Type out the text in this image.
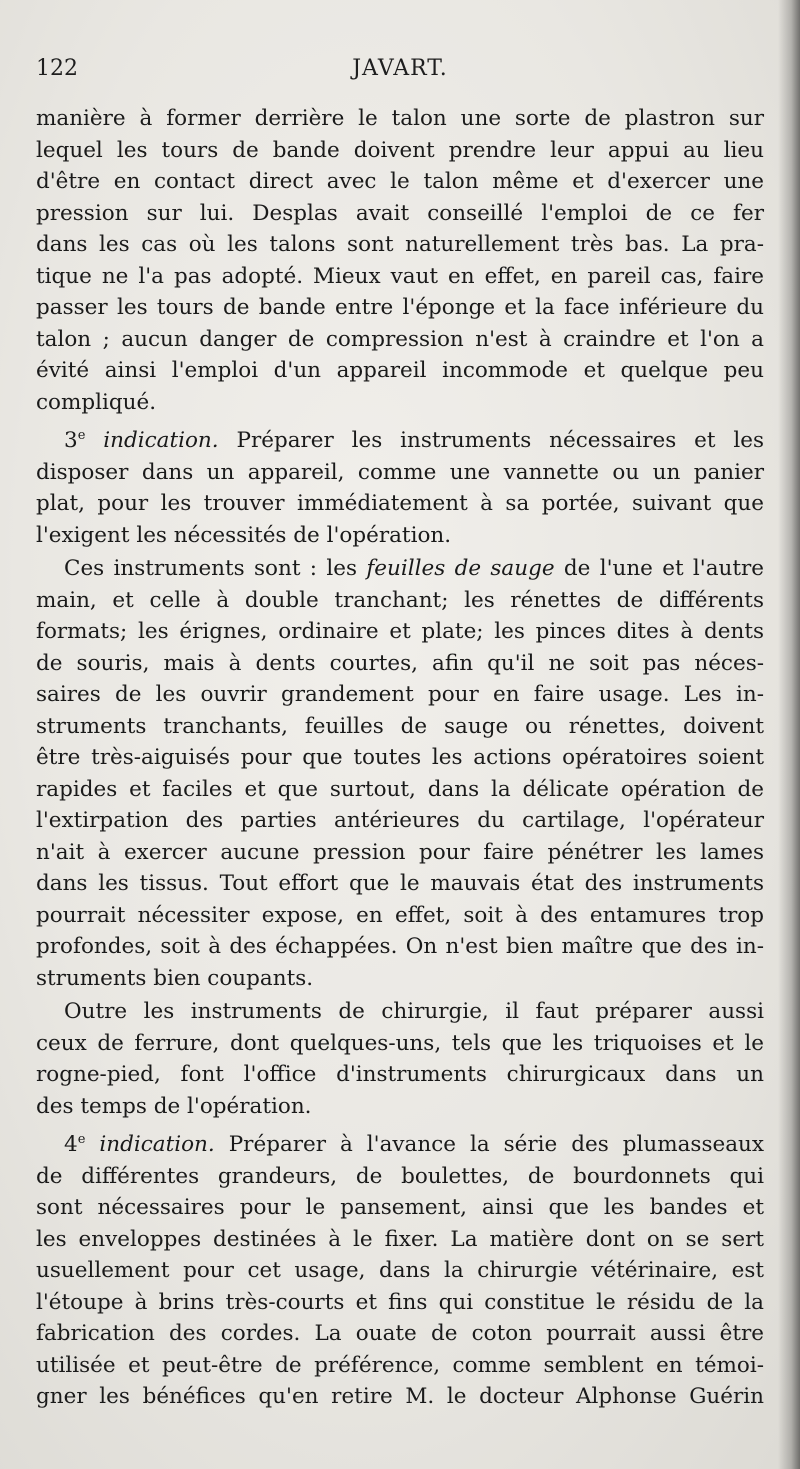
122	JAVART.
manière à former derrière le talon une sorte de plastron sur
lequel les tours de bande doivent prendre leur appui au lieu
d'être en contact direct avec le talon même et d'exercer une
pression sur lui. Desplas avait conseillé l'emploi de ce fer
dans les cas où les talons sont naturellement très bas. La pra-
tique ne l'a pas adopté. Mieux vaut en effet, en pareil cas, faire
passer les tours de bande entre l'éponge et la face inférieure du
talon ; aucun danger de compression n'est à craindre et l'on a
évité ainsi l'emploi d'un appareil incommode et quelque peu
compliqué.
3e indication. Préparer les instruments nécessaires et les
disposer dans un appareil, comme une vannette ou un panier
plat, pour les trouver immédiatement à sa portée, suivant que
l'exigent les nécessités de l'opération.
Ces instruments sont : les feuilles de sauge de l'une et l'autre
main, et celle à double tranchant; les rénettes de différents
formats; les érignes, ordinaire et plate; les pinces dites à dents
de souris, mais à dents courtes, afin qu'il ne soit pas néces-
saires de les ouvrir grandement pour en faire usage. Les in-
struments tranchants, feuilles de sauge ou rénettes, doivent
être très-aiguisés pour que toutes les actions opératoires soient
rapides et faciles et que surtout, dans la délicate opération de
l'extirpation des parties antérieures du cartilage, l'opérateur
n'ait à exercer aucune pression pour faire pénétrer les lames
dans les tissus. Tout effort que le mauvais état des instruments
pourrait nécessiter expose, en effet, soit à des entamures trop
profondes, soit à des échappées. On n'est bien maître que des in-
struments bien coupants.
Outre les instruments de chirurgie, il faut préparer aussi
ceux de ferrure, dont quelques-uns, tels que les triquoises et le
rogne-pied, font l'office d'instruments chirurgicaux dans un
des temps de l'opération.
4e indication. Préparer à l'avance la série des plumasseaux
de différentes grandeurs, de boulettes, de bourdonnets qui
sont nécessaires pour le pansement, ainsi que les bandes et
les enveloppes destinées à le fixer. La matière dont on se sert
usuellement pour cet usage, dans la chirurgie vétérinaire, est
l'étoupe à brins très-courts et fins qui constitue le résidu de la
fabrication des cordes. La ouate de coton pourrait aussi être
utilisée et peut-être de préférence, comme semblent en témoi-
gner les bénéfices qu'en retire M. le docteur Alphonse Guérin
